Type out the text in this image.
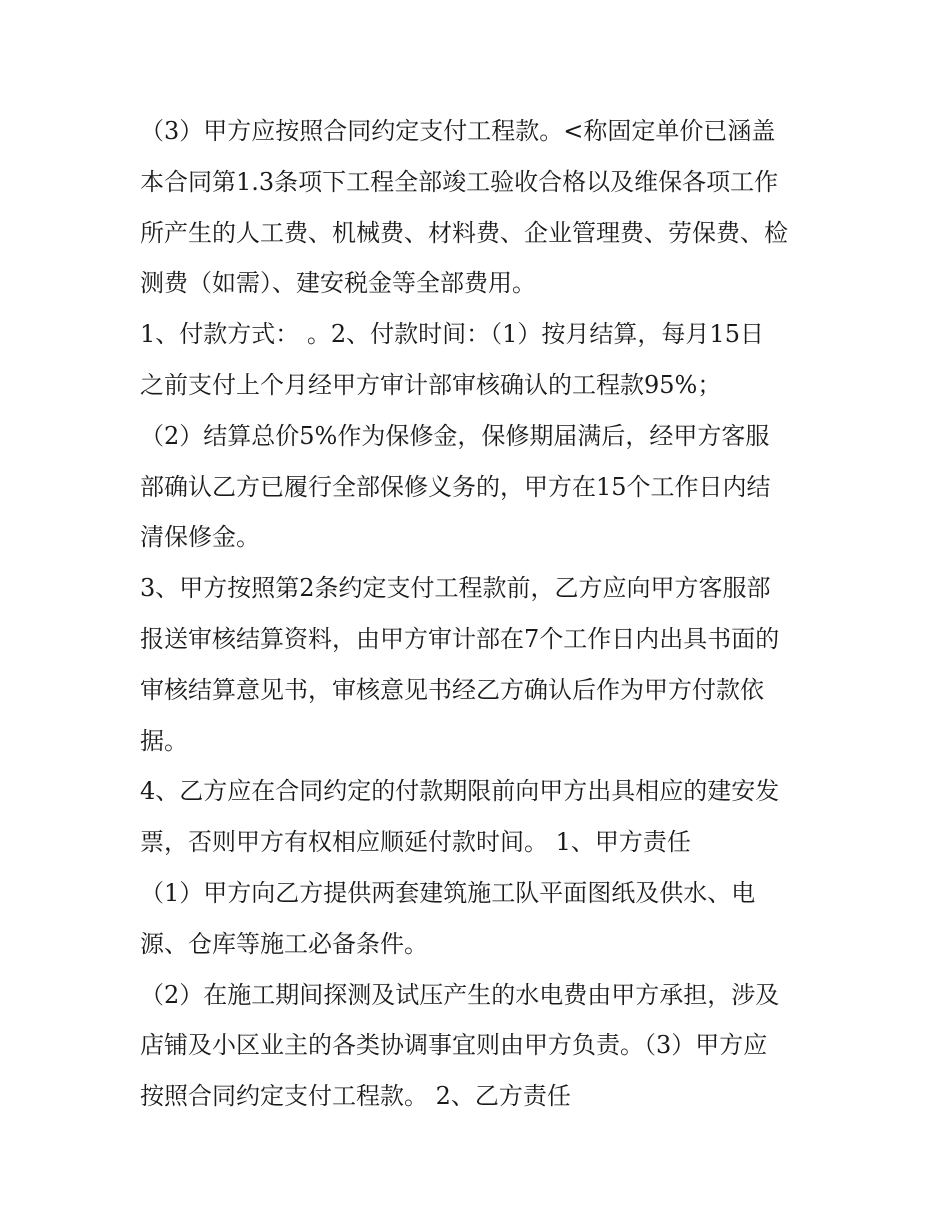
（3）甲方应按照合同约定支付工程款。<称固定单价已涵盖
本合同第1.3条项下工程全部竣工验收合格以及维保各项工作
所产生的人工费、机械费、材料费、企业管理费、劳保费、检
测费（如需）、建安税金等全部费用。
1、付款方式： 。2、付款时间：（1）按月结算，每月15日
之前支付上个月经甲方审计部审核确认的工程款95%；
（2）结算总价5%作为保修金，保修期届满后，经甲方客服
部确认乙方已履行全部保修义务的，甲方在15个工作日内结
清保修金。
3、甲方按照第2条约定支付工程款前，乙方应向甲方客服部
报送审核结算资料，由甲方审计部在7个工作日内出具书面的
审核结算意见书，审核意见书经乙方确认后作为甲方付款依
据。
4、乙方应在合同约定的付款期限前向甲方出具相应的建安发
票，否则甲方有权相应顺延付款时间。 1、甲方责任
（1）甲方向乙方提供两套建筑施工队平面图纸及供水、电
源、仓库等施工必备条件。
（2）在施工期间探测及试压产生的水电费由甲方承担，涉及
店铺及小区业主的各类协调事宜则由甲方负责。（3）甲方应
按照合同约定支付工程款。 2、乙方责任
